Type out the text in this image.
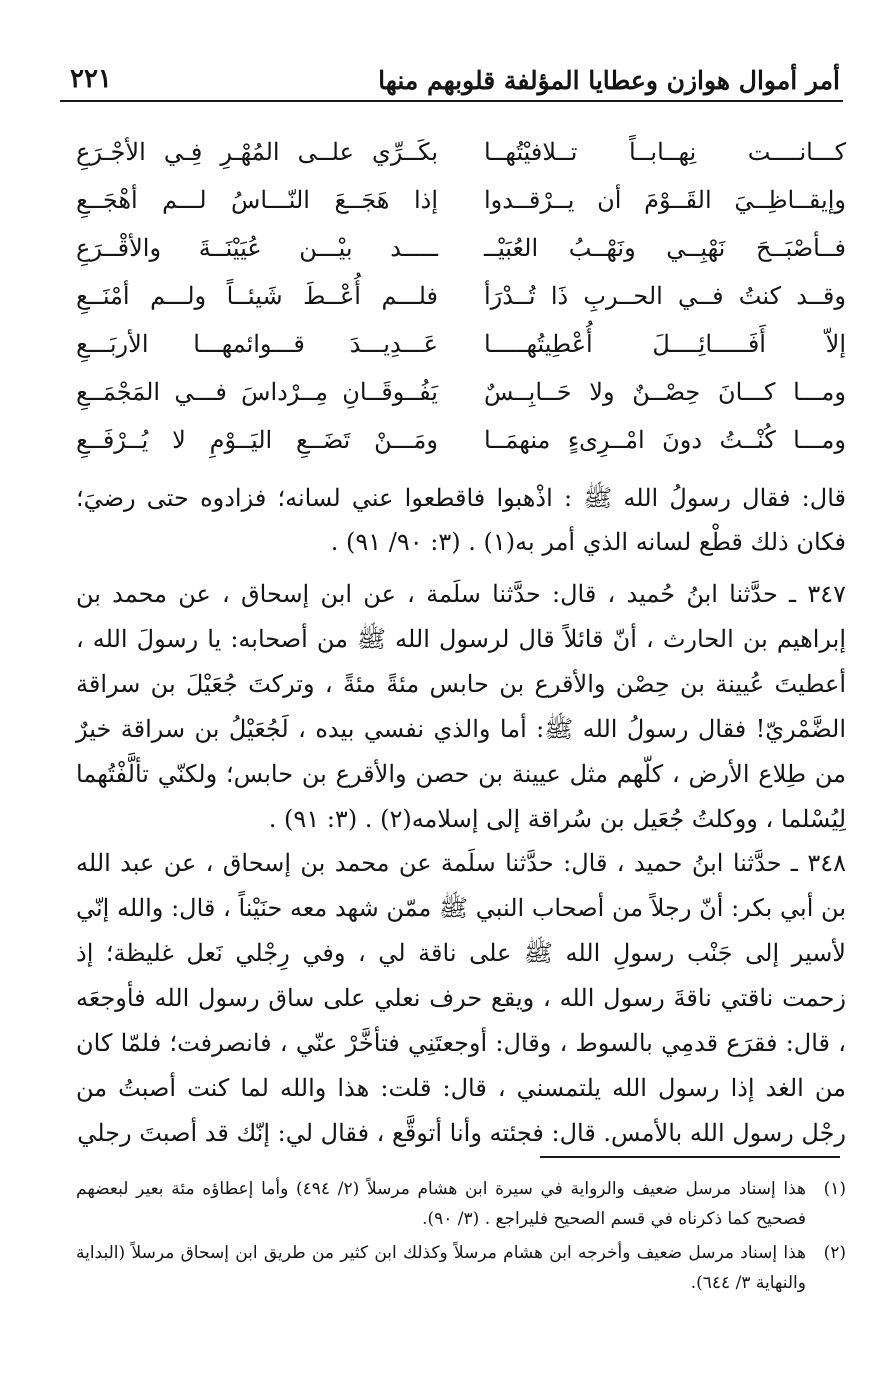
أمر أموال هوازن وعطايا المؤلفة قلوبهم منها
٢٢١
كـــانــــت نِهــابــاً تــلافيْتُهــا
بكَــرِّي علــى المُهْـرِ فِـي الأجْـرَعِ
وإيقــاظِــيَ القَــوْمَ أن يــرْقــدوا
إذا هَجَــعَ النّـــاسُ لـــم أهْجَــعِ
فــأصْبَــحَ نَهْبِــي ونَهْــبُ العُبَيْــ
ـــــد بيْـــن عُيَيْنَــةَ والأقْــرَعِ
وقــد كنتُ فــي الحــربِ ذَا تُــدْرَأ
فلـــم أُعْــطَ شَيئــاً ولـــم أمْنَــعِ
إلاّ أَفَـــــائِــــلَ أُعْطِيتُهـــــا
عَـــدِيـــدَ قـــوائمهـــا الأربَـــعِ
ومـــا كـــانَ حِصْــنٌ ولا حَــابِــسٌ
يَفُــوقَــانِ مِــرْداسَ فـــي المَجْمَــعِ
ومـــا كُنْــتُ دونَ امْــرِىءٍ منهمَــا
ومَـــنْ تَضَــعِ اليَــوْمِ لا يُــرْفَــعِ

قال: فقال رسولُ الله ﷺ : اذْهبوا فاقطعوا عني لسانه؛ فزادوه حتى رضيَ؛ فكان ذلك قطْع لسانه الذي أمر به(١) . (٣: ٩٠/ ٩١) .

٣٤٧ ـ حدَّثنا ابنُ حُميد ، قال: حدَّثنا سلَمة ، عن ابن إسحاق ، عن محمد بن إبراهيم بن الحارث ، أنّ قائلاً قال لرسول الله ﷺ من أصحابه: يا رسولَ الله ، أعطيتَ عُيينة بن حِصْن والأقرع بن حابس مئةً مئةً ، وتركتَ جُعَيْلَ بن سراقة الضَّمْريّ! فقال رسولُ الله ﷺ: أما والذي نفسي بيده ، لَجُعَيْلُ بن سراقة خيرٌ من طِلاع الأرض ، كلّهم مثل عيينة بن حصن والأقرع بن حابس؛ ولكنّي تألَّفْتُهما لِيُسْلما ، ووكلتُ جُعَيل بن سُراقة إلى إسلامه(٢) . (٣: ٩١) .

٣٤٨ ـ حدَّثنا ابنُ حميد ، قال: حدَّثنا سلَمة عن محمد بن إسحاق ، عن عبد الله بن أبي بكر: أنّ رجلاً من أصحاب النبي ﷺ ممّن شهد معه حنَيْناً ، قال: والله إنّي لأسير إلى جَنْب رسولِ الله ﷺ على ناقة لي ، وفي رِجْلي نَعل غليظة؛ إذ زحمت ناقتي ناقةَ رسول الله ، ويقع حرف نعلي على ساق رسول الله فأوجعَه ، قال: فقرَع قدمِي بالسوط ، وقال: أوجعتَنِي فتأخَّرْ عنّي ، فانصرفت؛ فلمّا كان من الغد إذا رسول الله يلتمسني ، قال: قلت: هذا والله لما كنت أصبتُ من رجْل رسول الله بالأمس. قال: فجئته وأنا أتوقَّع ، فقال لي: إنّك قد أصبتَ رجلي

(١)
هذا إسناد مرسل ضعيف والرواية في سيرة ابن هشام مرسلاً (٢/ ٤٩٤) وأما إعطاؤه مئة بعير لبعضهم فصحيح كما ذكرناه في قسم الصحيح فليراجع . (٣/ ٩٠).
(٢)
هذا إسناد مرسل ضعيف وأخرجه ابن هشام مرسلاً وكذلك ابن كثير من طريق ابن إسحاق مرسلاً (البداية والنهاية ٣/ ٦٤٤).
